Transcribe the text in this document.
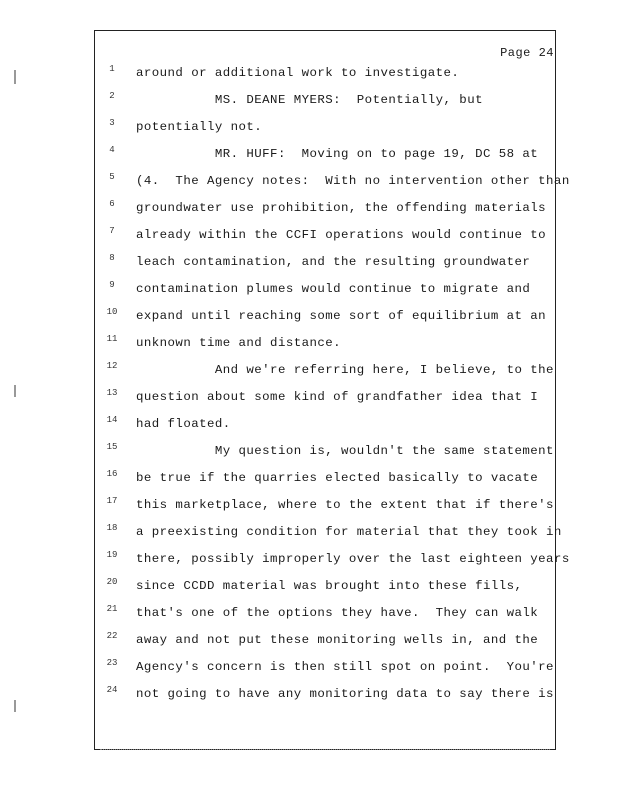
Page 24
1	around or additional work to investigate.
2	MS. DEANE MYERS:  Potentially, but
3	potentially not.
4	MR. HUFF:  Moving on to page 19, DC 58 at
5	(4.  The Agency notes:  With no intervention other than
6	groundwater use prohibition, the offending materials
7	already within the CCFI operations would continue to
8	leach contamination, and the resulting groundwater
9	contamination plumes would continue to migrate and
10	expand until reaching some sort of equilibrium at an
11	unknown time and distance.
12	And we're referring here, I believe, to the
13	question about some kind of grandfather idea that I
14	had floated.
15	My question is, wouldn't the same statement
16	be true if the quarries elected basically to vacate
17	this marketplace, where to the extent that if there's
18	a preexisting condition for material that they took in
19	there, possibly improperly over the last eighteen years
20	since CCDD material was brought into these fills,
21	that's one of the options they have.  They can walk
22	away and not put these monitoring wells in, and the
23	Agency's concern is then still spot on point.  You're
24	not going to have any monitoring data to say there is
